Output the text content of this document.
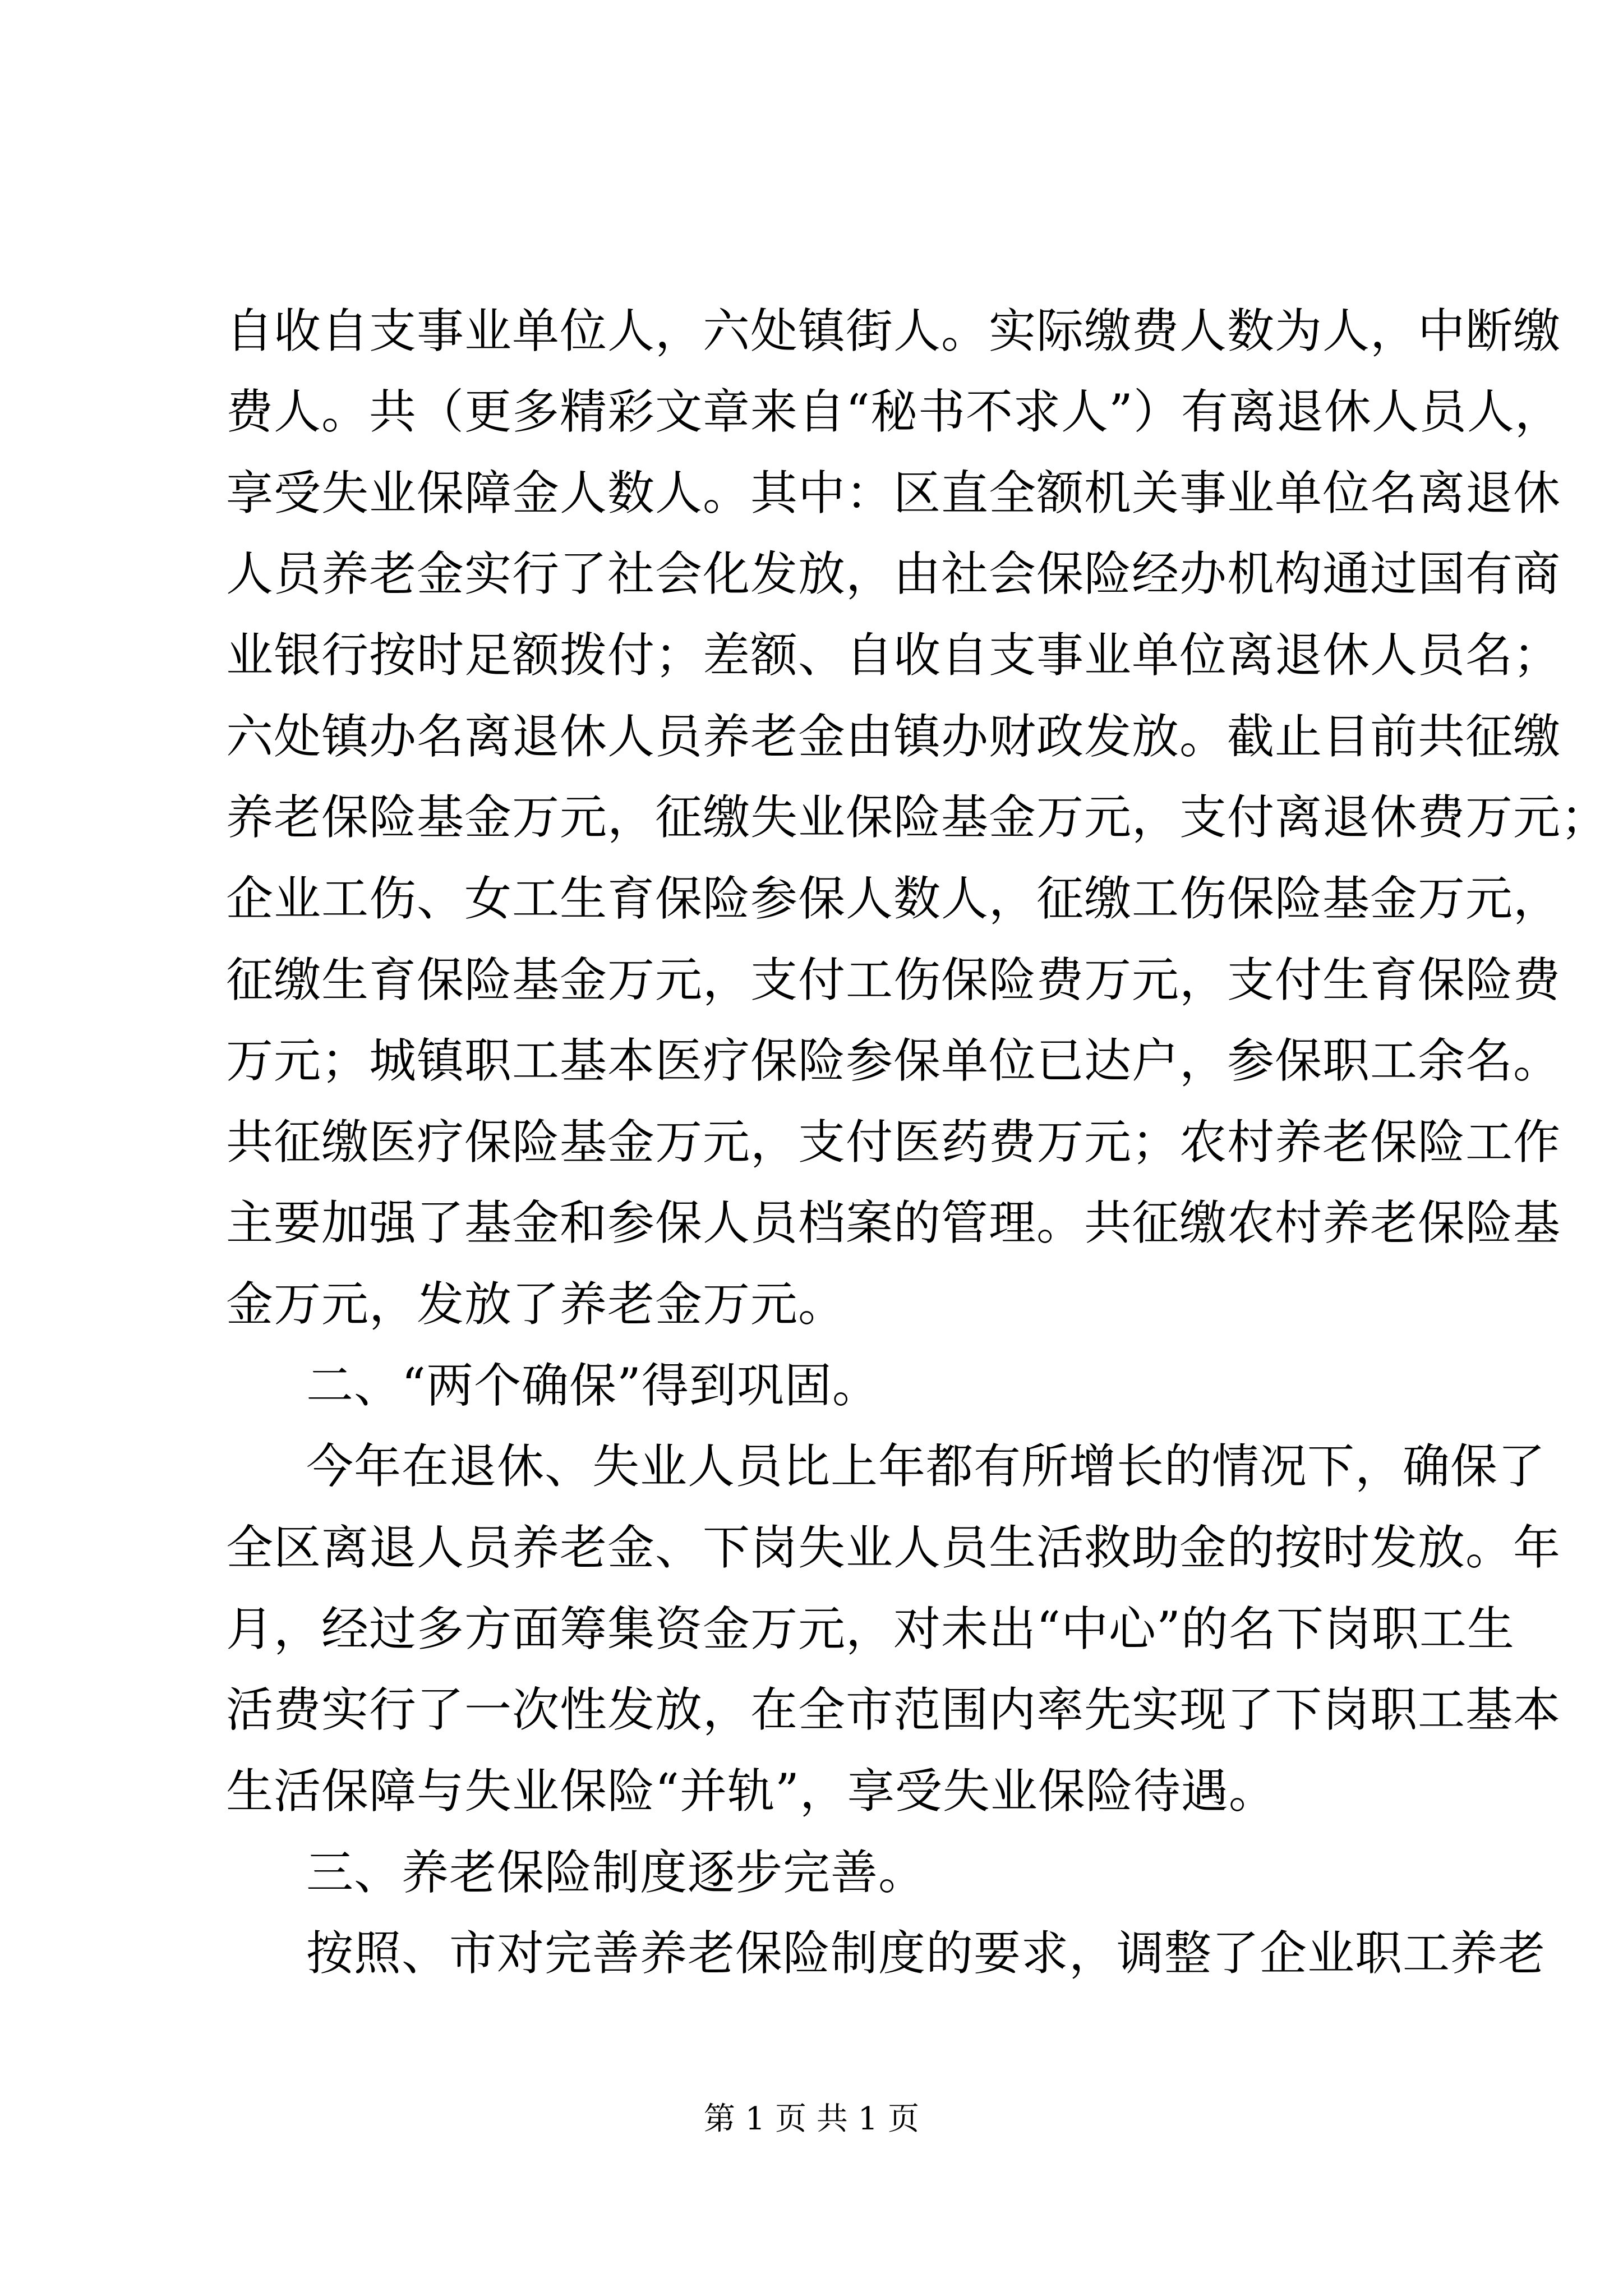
自收自支事业单位人，六处镇街人。实际缴费人数为人，中断缴
费人。共（更多精彩文章来自“秘书不求人”）有离退休人员人，
享受失业保障金人数人。其中：区直全额机关事业单位名离退休
人员养老金实行了社会化发放，由社会保险经办机构通过国有商
业银行按时足额拨付；差额、自收自支事业单位离退休人员名；
六处镇办名离退休人员养老金由镇办财政发放。截止目前共征缴
养老保险基金万元，征缴失业保险基金万元，支付离退休费万元；
企业工伤、女工生育保险参保人数人，征缴工伤保险基金万元，
征缴生育保险基金万元，支付工伤保险费万元，支付生育保险费
万元；城镇职工基本医疗保险参保单位已达户，参保职工余名。
共征缴医疗保险基金万元，支付医药费万元；农村养老保险工作
主要加强了基金和参保人员档案的管理。共征缴农村养老保险基
金万元，发放了养老金万元。
二、“两个确保”得到巩固。
今年在退休、失业人员比上年都有所增长的情况下，确保了
全区离退人员养老金、下岗失业人员生活救助金的按时发放。年
月，经过多方面筹集资金万元，对未出“中心”的名下岗职工生
活费实行了一次性发放，在全市范围内率先实现了下岗职工基本
生活保障与失业保险“并轨”，享受失业保险待遇。
三、养老保险制度逐步完善。
按照、市对完善养老保险制度的要求，调整了企业职工养老
第 1 页 共 1 页
